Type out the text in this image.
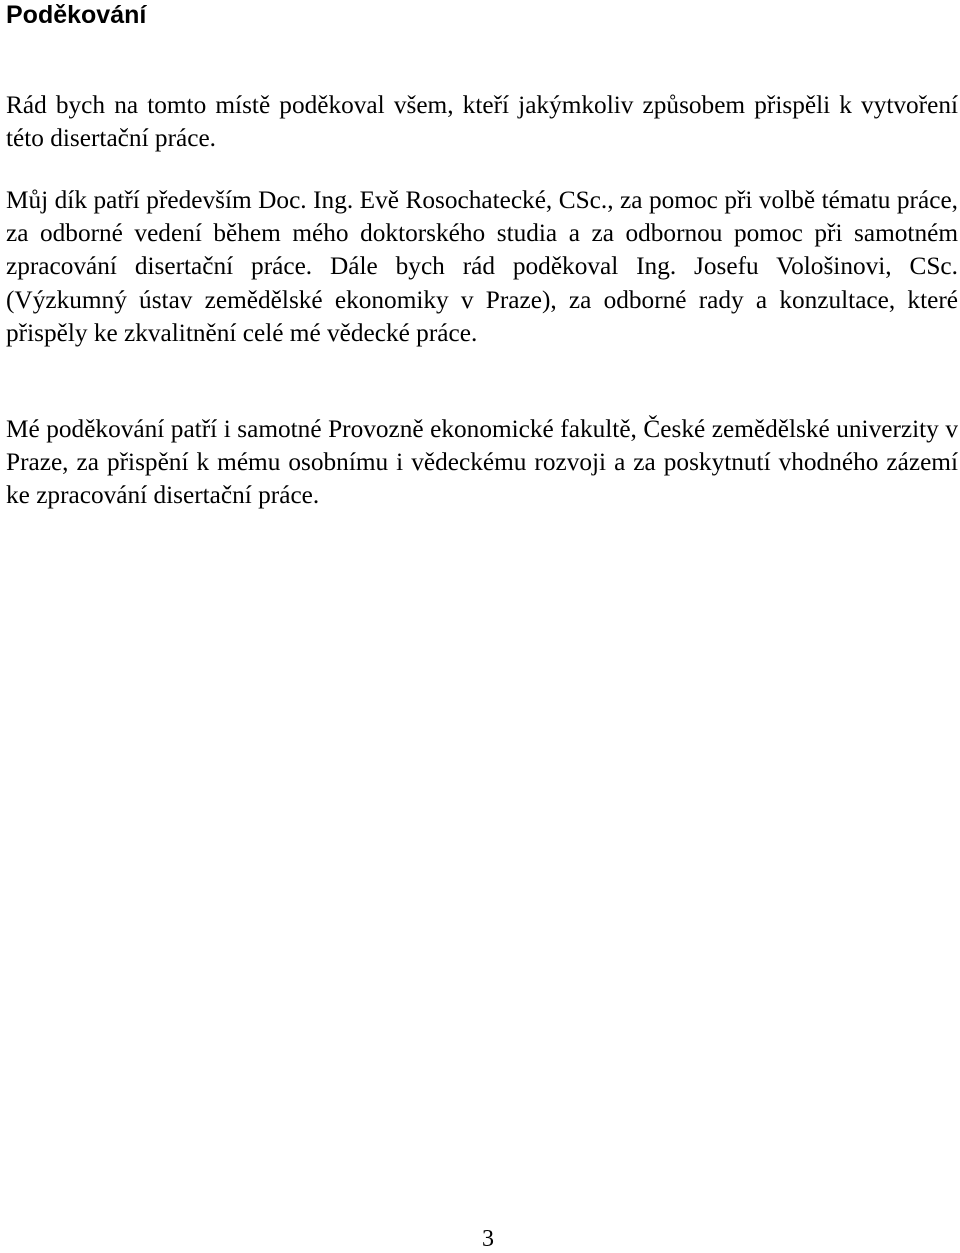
Poděkování

Rád bych na tomto místě poděkoval všem, kteří jakýmkoliv způsobem přispěli k vytvoření této disertační práce.

Můj dík patří především Doc. Ing. Evě Rosochatecké, CSc., za pomoc při volbě tématu práce, za odborné vedení během mého doktorského studia a za odbornou pomoc při samotném zpracování disertační práce. Dále bych rád poděkoval Ing. Josefu Vološinovi, CSc. (Výzkumný ústav zemědělské ekonomiky v Praze), za odborné rady a konzultace, které přispěly ke zkvalitnění celé mé vědecké práce.

Mé poděkování patří i samotné Provozně ekonomické fakultě, České zemědělské univerzity v Praze, za přispění k mému osobnímu i vědeckému rozvoji a za poskytnutí vhodného zázemí ke zpracování disertační práce.

3
